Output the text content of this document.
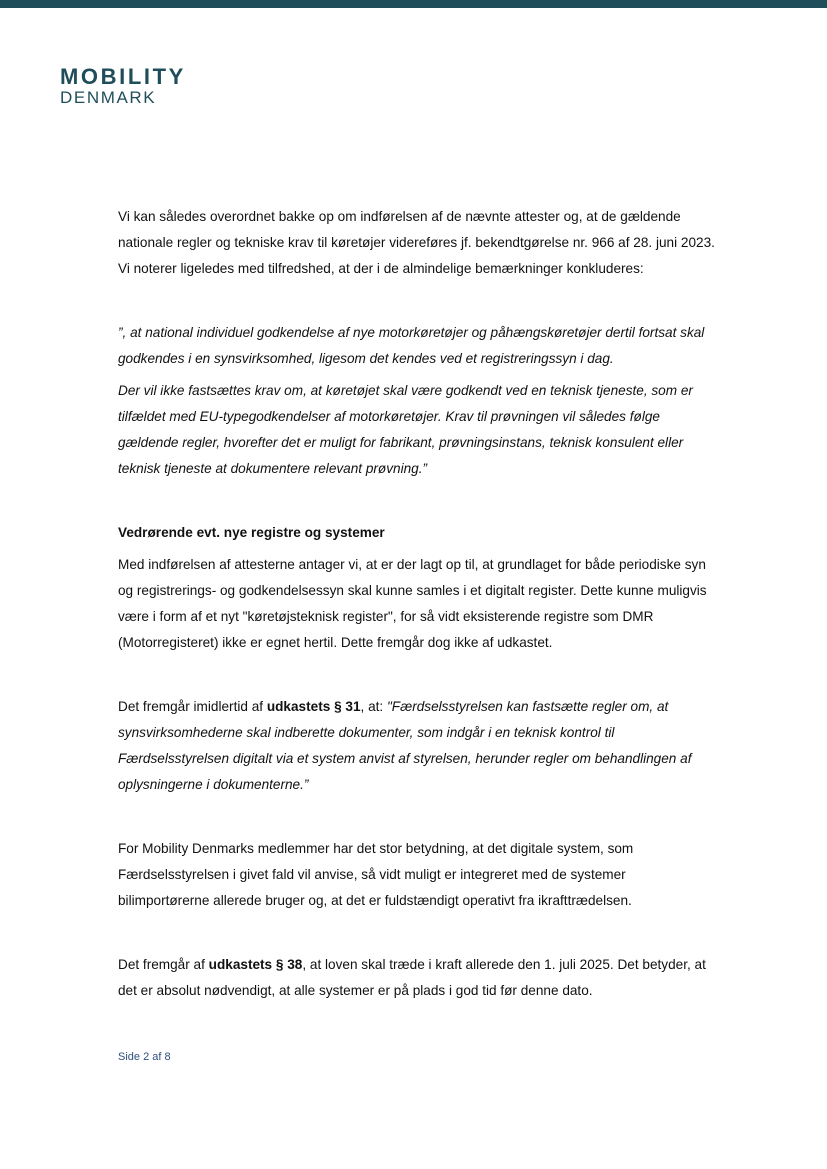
MOBILITY
DENMARK

Vi kan således overordnet bakke op om indførelsen af de nævnte attester og, at de gældende nationale regler og tekniske krav til køretøjer videreføres jf. bekendtgørelse nr. 966 af 28. juni 2023. Vi noterer ligeledes med tilfredshed, at der i de almindelige bemærkninger konkluderes:

”, at national individuel godkendelse af nye motorkøretøjer og påhængskøretøjer dertil fortsat skal godkendes i en synsvirksomhed, ligesom det kendes ved et registreringssyn i dag.

Der vil ikke fastsættes krav om, at køretøjet skal være godkendt ved en teknisk tjeneste, som er tilfældet med EU-typegodkendelser af motorkøretøjer. Krav til prøvningen vil således følge gældende regler, hvorefter det er muligt for fabrikant, prøvningsinstans, teknisk konsulent eller teknisk tjeneste at dokumentere relevant prøvning.”

Vedrørende evt. nye registre og systemer

Med indførelsen af attesterne antager vi, at er der lagt op til, at grundlaget for både periodiske syn og registrerings- og godkendelsessyn skal kunne samles i et digitalt register. Dette kunne muligvis være i form af et nyt "køretøjsteknisk register", for så vidt eksisterende registre som DMR (Motorregisteret) ikke er egnet hertil. Dette fremgår dog ikke af udkastet.

Det fremgår imidlertid af udkastets § 31, at: "Færdselsstyrelsen kan fastsætte regler om, at synsvirksomhederne skal indberette dokumenter, som indgår i en teknisk kontrol til Færdselsstyrelsen digitalt via et system anvist af styrelsen, herunder regler om behandlingen af oplysningerne i dokumenterne.”

For Mobility Denmarks medlemmer har det stor betydning, at det digitale system, som Færdselsstyrelsen i givet fald vil anvise, så vidt muligt er integreret med de systemer bilimportørerne allerede bruger og, at det er fuldstændigt operativt fra ikrafttrædelsen.

Det fremgår af udkastets § 38, at loven skal træde i kraft allerede den 1. juli 2025. Det betyder, at det er absolut nødvendigt, at alle systemer er på plads i god tid før denne dato.

Side 2 af 8
